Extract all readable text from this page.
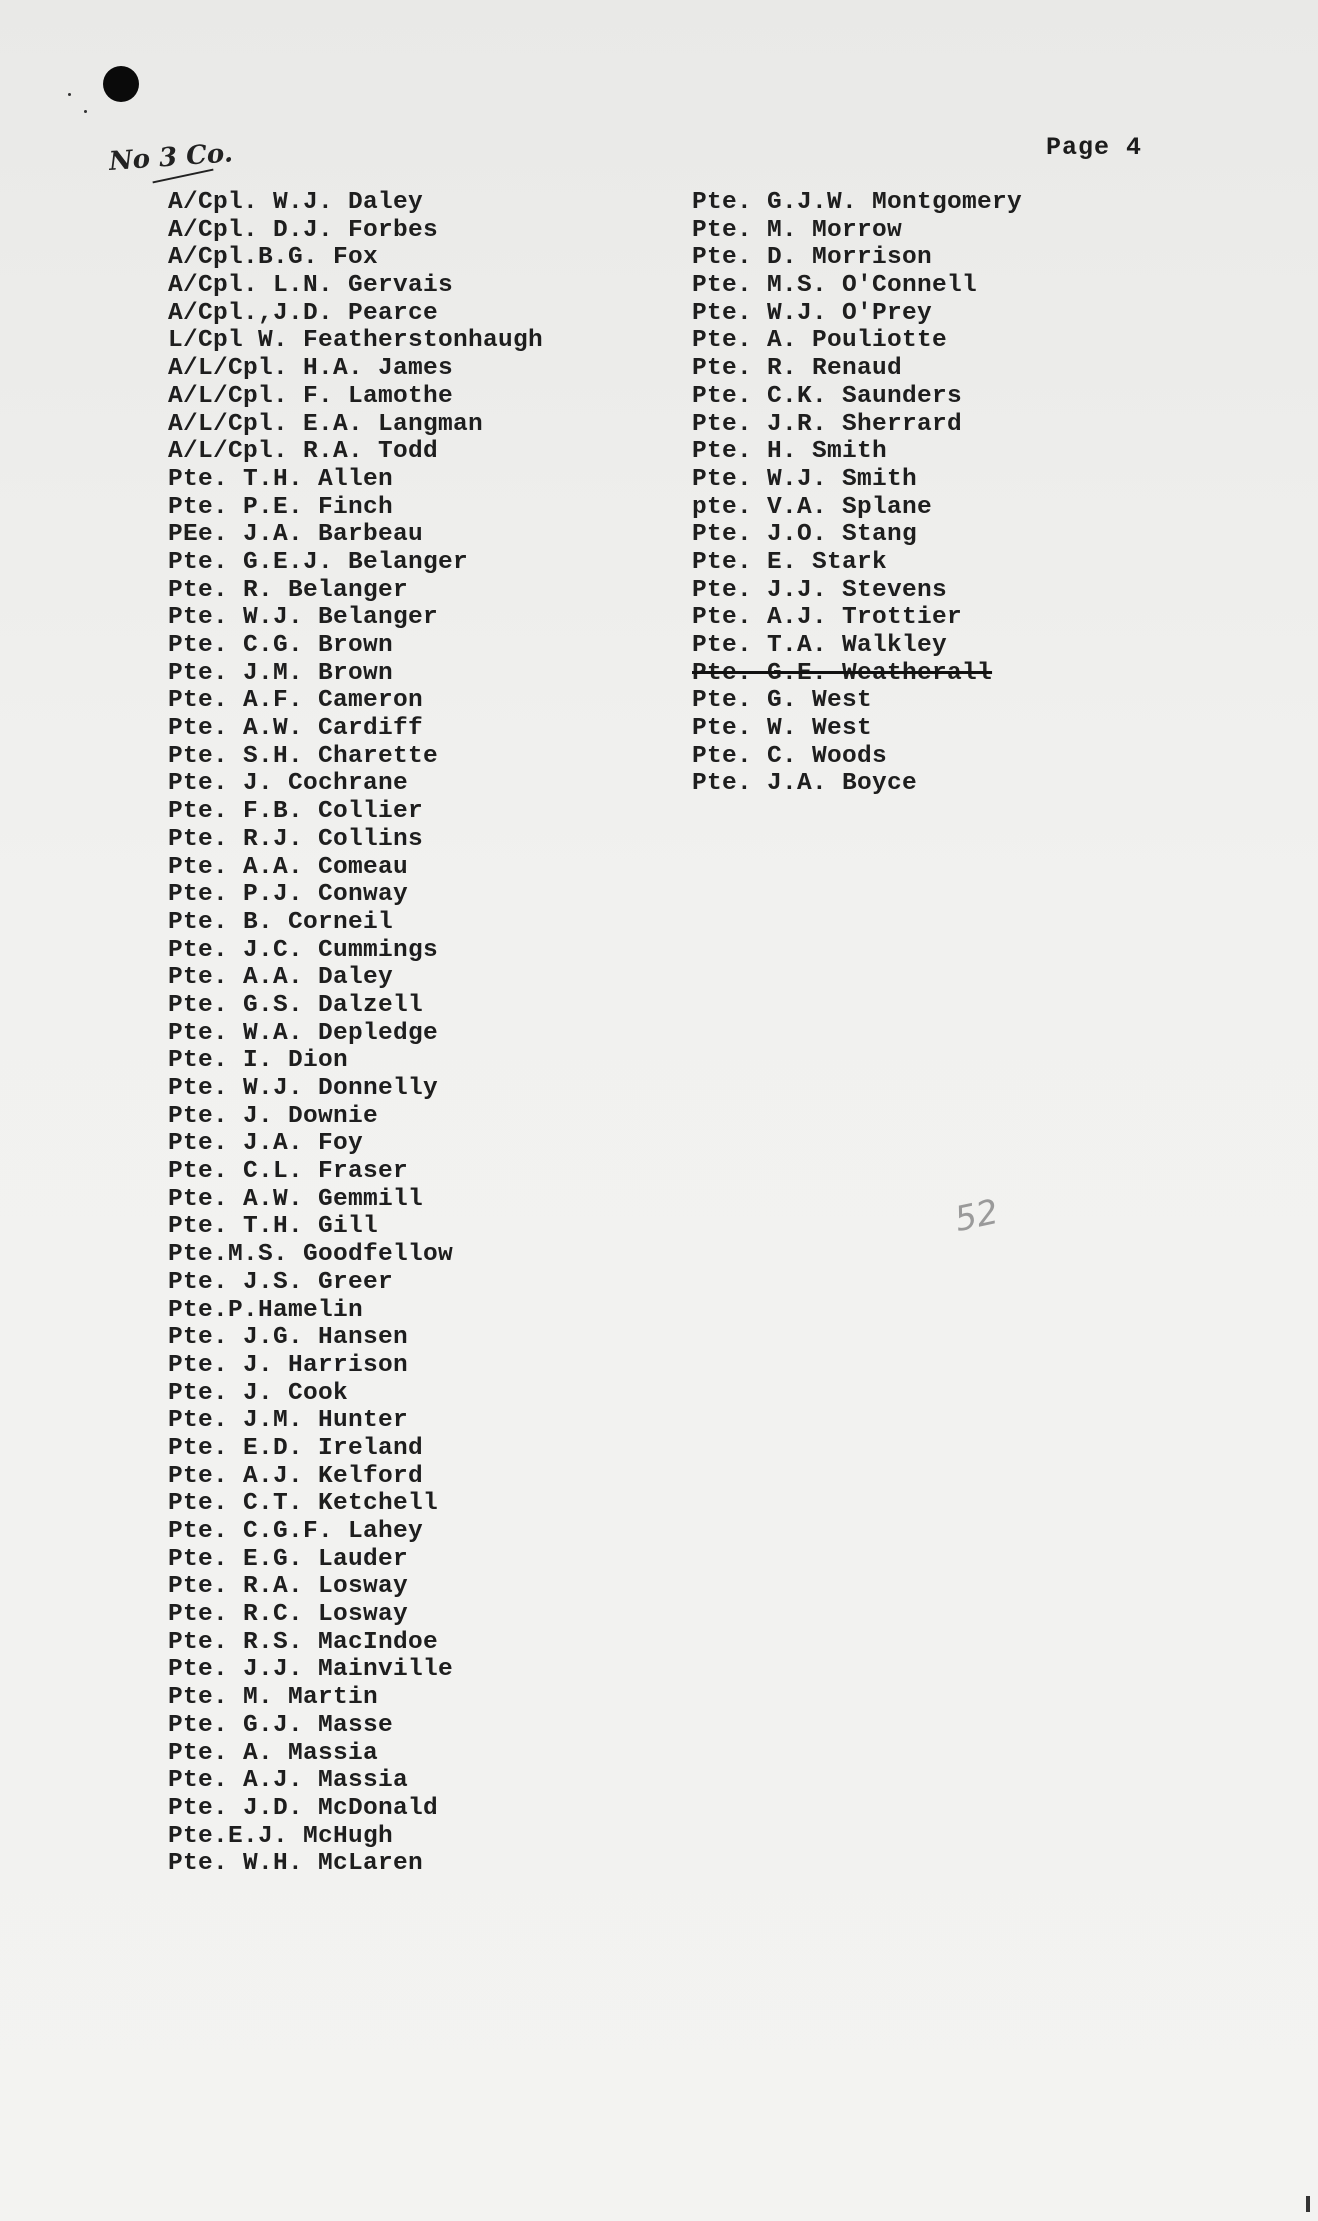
No 3 Co.	Page 4
A/Cpl. W.J. Daley
A/Cpl. D.J. Forbes
A/Cpl.B.G. Fox
A/Cpl. L.N. Gervais
A/Cpl.,J.D. Pearce
L/Cpl W. Featherstonhaugh
A/L/Cpl. H.A. James
A/L/Cpl. F. Lamothe
A/L/Cpl. E.A. Langman
A/L/Cpl. R.A. Todd
Pte. T.H. Allen
Pte. P.E. Finch
PEe. J.A. Barbeau
Pte. G.E.J. Belanger
Pte. R. Belanger
Pte. W.J. Belanger
Pte. C.G. Brown
Pte. J.M. Brown
Pte. A.F. Cameron
Pte. A.W. Cardiff
Pte. S.H. Charette
Pte. J. Cochrane
Pte. F.B. Collier
Pte. R.J. Collins
Pte. A.A. Comeau
Pte. P.J. Conway
Pte. B. Corneil
Pte. J.C. Cummings
Pte. A.A. Daley
Pte. G.S. Dalzell
Pte. W.A. Depledge
Pte. I. Dion
Pte. W.J. Donnelly
Pte. J. Downie
Pte. J.A. Foy
Pte. C.L. Fraser
Pte. A.W. Gemmill
Pte. T.H. Gill
Pte.M.S. Goodfellow
Pte. J.S. Greer
Pte.P.Hamelin
Pte. J.G. Hansen
Pte. J. Harrison
Pte. J. Cook
Pte. J.M. Hunter
Pte. E.D. Ireland
Pte. A.J. Kelford
Pte. C.T. Ketchell
Pte. C.G.F. Lahey
Pte. E.G. Lauder
Pte. R.A. Losway
Pte. R.C. Losway
Pte. R.S. MacIndoe
Pte. J.J. Mainville
Pte. M. Martin
Pte. G.J. Masse
Pte. A. Massia
Pte. A.J. Massia
Pte. J.D. McDonald
Pte.E.J. McHugh
Pte. W.H. McLaren
Pte. G.J.W. Montgomery
Pte. M. Morrow
Pte. D. Morrison
Pte. M.S. O'Connell
Pte. W.J. O'Prey
Pte. A. Pouliotte
Pte. R. Renaud
Pte. C.K. Saunders
Pte. J.R. Sherrard
Pte. H. Smith
Pte. W.J. Smith
pte. V.A. Splane
Pte. J.O. Stang
Pte. E. Stark
Pte. J.J. Stevens
Pte. A.J. Trottier
Pte. T.A. Walkley
Pte. G.E. Weatherall
Pte. G. West
Pte. W. West
Pte. C. Woods
Pte. J.A. Boyce
52
